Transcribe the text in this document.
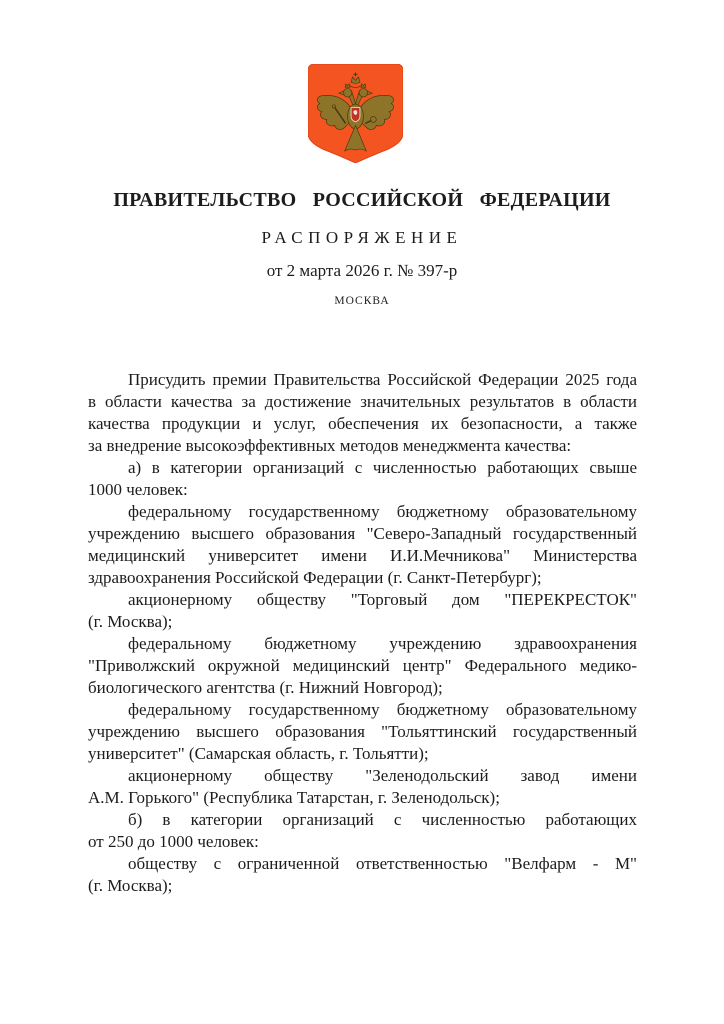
ПРАВИТЕЛЬСТВО РОССИЙСКОЙ ФЕДЕРАЦИИ
РАСПОРЯЖЕНИЕ
от 2 марта 2026 г. № 397-р
МОСКВА

Присудить премии Правительства Российской Федерации 2025 года
в области качества за достижение значительных результатов в области
качества продукции и услуг, обеспечения их безопасности, а также
за внедрение высокоэффективных методов менеджмента качества:

а) в категории организаций с численностью работающих свыше
1000 человек:

федеральному государственному бюджетному образовательному
учреждению высшего образования "Северо-Западный государственный
медицинский университет имени И.И.Мечникова" Министерства
здравоохранения Российской Федерации (г. Санкт-Петербург);

акционерному обществу "Торговый дом "ПЕРЕКРЕСТОК"
(г. Москва);

федеральному бюджетному учреждению здравоохранения
"Приволжский окружной медицинский центр" Федерального медико-
биологического агентства (г. Нижний Новгород);

федеральному государственному бюджетному образовательному
учреждению высшего образования "Тольяттинский государственный
университет" (Самарская область, г. Тольятти);

акционерному обществу "Зеленодольский завод имени
А.М. Горького" (Республика Татарстан, г. Зеленодольск);

б) в категории организаций с численностью работающих
от 250 до 1000 человек:

обществу с ограниченной ответственностью "Велфарм - М"
(г. Москва);
